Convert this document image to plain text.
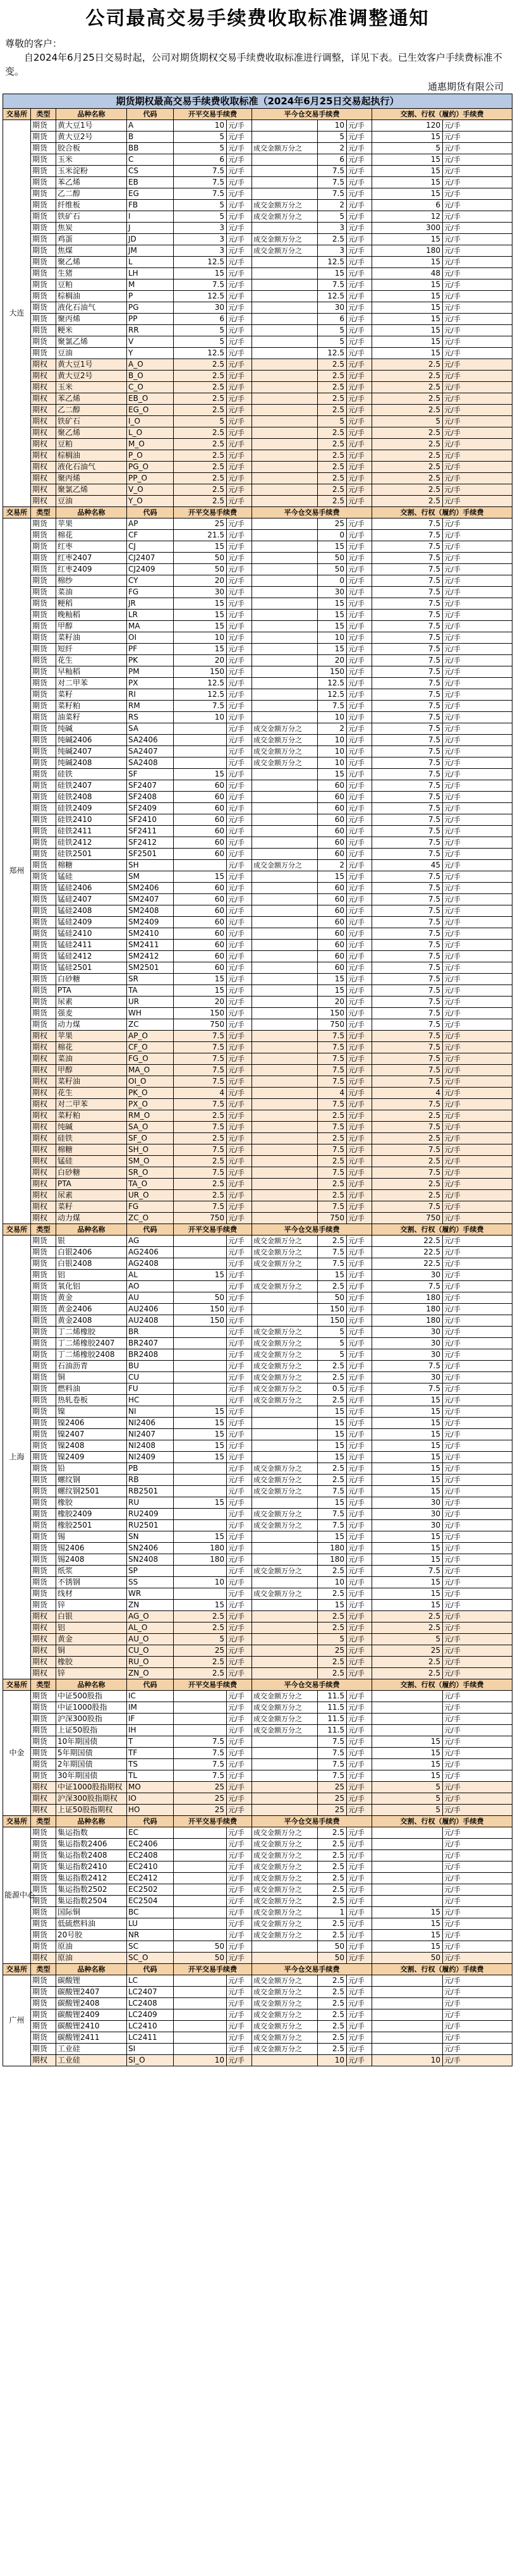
公司最高交易手续费收取标准调整通知

尊敬的客户：

自2024年6月25日交易时起，公司对期货期权交易手续费收取标准进行调整，详见下表。已生效客户手续费标准不变。

通惠期货有限公司
期货期权最高交易手续费收取标准（2024年6月25日交易起执行）										
交易所	类型	品种名称	代码	开平交易手续费		平今仓交易手续费			交割、行权（履约）手续费	
大连	期货	黄大豆1号	A	10	元/手		10	元/手	120	元/手
	期货	黄大豆2号	B	5	元/手		5	元/手	15	元/手
	期货	胶合板	BB	5	元/手	成交金额万分之	2	元/手	5	元/手
	期货	玉米	C	6	元/手		6	元/手	15	元/手
	期货	玉米淀粉	CS	7.5	元/手		7.5	元/手	15	元/手
	期货	苯乙烯	EB	7.5	元/手		7.5	元/手	15	元/手
	期货	乙二醇	EG	7.5	元/手		7.5	元/手	15	元/手
	期货	纤维板	FB	5	元/手	成交金额万分之	2	元/手	6	元/手
	期货	铁矿石	I	5	元/手	成交金额万分之	5	元/手	12	元/手
	期货	焦炭	J	3	元/手		3	元/手	300	元/手
	期货	鸡蛋	JD	3	元/手	成交金额万分之	2.5	元/手	15	元/手
	期货	焦煤	JM	3	元/手	成交金额万分之	3	元/手	180	元/手
	期货	聚乙烯	L	12.5	元/手		12.5	元/手	15	元/手
	期货	生猪	LH	15	元/手		15	元/手	48	元/手
	期货	豆粕	M	7.5	元/手		7.5	元/手	15	元/手
	期货	棕榈油	P	12.5	元/手		12.5	元/手	15	元/手
	期货	液化石油气	PG	30	元/手		30	元/手	15	元/手
	期货	聚丙烯	PP	6	元/手		6	元/手	15	元/手
	期货	粳米	RR	5	元/手		5	元/手	15	元/手
	期货	聚氯乙烯	V	5	元/手		5	元/手	15	元/手
	期货	豆油	Y	12.5	元/手		12.5	元/手	15	元/手
	期权	黄大豆1号	A_O	2.5	元/手		2.5	元/手	2.5	元/手
	期权	黄大豆2号	B_O	2.5	元/手		2.5	元/手	2.5	元/手
	期权	玉米	C_O	2.5	元/手		2.5	元/手	2.5	元/手
	期权	苯乙烯	EB_O	2.5	元/手		2.5	元/手	2.5	元/手
	期权	乙二醇	EG_O	2.5	元/手		2.5	元/手	2.5	元/手
	期权	铁矿石	I_O	5	元/手		5	元/手	5	元/手
	期权	聚乙烯	L_O	2.5	元/手		2.5	元/手	2.5	元/手
	期权	豆粕	M_O	2.5	元/手		2.5	元/手	2.5	元/手
	期权	棕榈油	P_O	2.5	元/手		2.5	元/手	2.5	元/手
	期权	液化石油气	PG_O	2.5	元/手		2.5	元/手	2.5	元/手
	期权	聚丙烯	PP_O	2.5	元/手		2.5	元/手	2.5	元/手
	期权	聚氯乙烯	V_O	2.5	元/手		2.5	元/手	2.5	元/手
	期权	豆油	Y_O	2.5	元/手		2.5	元/手	2.5	元/手
交易所	类型	品种名称	代码	开平交易手续费		平今仓交易手续费			交割、行权（履约）手续费	
郑州	期货	苹果	AP	25	元/手		25	元/手	7.5	元/手
	期货	棉花	CF	21.5	元/手		0	元/手	7.5	元/手
	期货	红枣	CJ	15	元/手		15	元/手	7.5	元/手
	期货	红枣2407	CJ2407	50	元/手		50	元/手	7.5	元/手
	期货	红枣2409	CJ2409	50	元/手		50	元/手	7.5	元/手
	期货	棉纱	CY	20	元/手		0	元/手	7.5	元/手
	期货	菜油	FG	30	元/手		30	元/手	7.5	元/手
	期货	粳稻	JR	15	元/手		15	元/手	7.5	元/手
	期货	晚籼稻	LR	15	元/手		15	元/手	7.5	元/手
	期货	甲醇	MA	15	元/手		15	元/手	7.5	元/手
	期货	菜籽油	OI	10	元/手		10	元/手	7.5	元/手
	期货	短纤	PF	15	元/手		15	元/手	7.5	元/手
	期货	花生	PK	20	元/手		20	元/手	7.5	元/手
	期货	早籼稻	PM	150	元/手		150	元/手	7.5	元/手
	期货	对二甲苯	PX	12.5	元/手		12.5	元/手	7.5	元/手
	期货	菜籽	RI	12.5	元/手		12.5	元/手	7.5	元/手
	期货	菜籽粕	RM	7.5	元/手		7.5	元/手	7.5	元/手
	期货	油菜籽	RS	10	元/手		10	元/手	7.5	元/手
	期货	纯碱	SA		元/手	成交金额万分之	2	元/手	7.5	元/手
	期货	纯碱2406	SA2406		元/手	成交金额万分之	10	元/手	7.5	元/手
	期货	纯碱2407	SA2407		元/手	成交金额万分之	10	元/手	7.5	元/手
	期货	纯碱2408	SA2408		元/手	成交金额万分之	10	元/手	7.5	元/手
	期货	硅铁	SF	15	元/手		15	元/手	7.5	元/手
	期货	硅铁2407	SF2407	60	元/手		60	元/手	7.5	元/手
	期货	硅铁2408	SF2408	60	元/手		60	元/手	7.5	元/手
	期货	硅铁2409	SF2409	60	元/手		60	元/手	7.5	元/手
	期货	硅铁2410	SF2410	60	元/手		60	元/手	7.5	元/手
	期货	硅铁2411	SF2411	60	元/手		60	元/手	7.5	元/手
	期货	硅铁2412	SF2412	60	元/手		60	元/手	7.5	元/手
	期货	硅铁2501	SF2501	60	元/手		60	元/手	7.5	元/手
	期货	棉糖	SH		元/手	成交金额万分之	2	元/手	45	元/手
	期货	锰硅	SM	15	元/手		15	元/手	7.5	元/手
	期货	锰硅2406	SM2406	60	元/手		60	元/手	7.5	元/手
	期货	锰硅2407	SM2407	60	元/手		60	元/手	7.5	元/手
	期货	锰硅2408	SM2408	60	元/手		60	元/手	7.5	元/手
	期货	锰硅2409	SM2409	60	元/手		60	元/手	7.5	元/手
	期货	锰硅2410	SM2410	60	元/手		60	元/手	7.5	元/手
	期货	锰硅2411	SM2411	60	元/手		60	元/手	7.5	元/手
	期货	锰硅2412	SM2412	60	元/手		60	元/手	7.5	元/手
	期货	锰硅2501	SM2501	60	元/手		60	元/手	7.5	元/手
	期货	白砂糖	SR	15	元/手		15	元/手	7.5	元/手
	期货	PTA	TA	15	元/手		15	元/手	7.5	元/手
	期货	尿素	UR	20	元/手		20	元/手	7.5	元/手
	期货	强麦	WH	150	元/手		150	元/手	7.5	元/手
	期货	动力煤	ZC	750	元/手		750	元/手	7.5	元/手
	期权	苹果	AP_O	7.5	元/手		7.5	元/手	7.5	元/手
	期权	棉花	CF_O	7.5	元/手		7.5	元/手	7.5	元/手
	期权	菜油	FG_O	7.5	元/手		7.5	元/手	7.5	元/手
	期权	甲醇	MA_O	7.5	元/手		7.5	元/手	7.5	元/手
	期权	菜籽油	OI_O	7.5	元/手		7.5	元/手	7.5	元/手
	期权	花生	PK_O	4	元/手		4	元/手	4	元/手
	期权	对二甲苯	PX_O	7.5	元/手		7.5	元/手	7.5	元/手
	期权	菜籽粕	RM_O	2.5	元/手		2.5	元/手	2.5	元/手
	期权	纯碱	SA_O	7.5	元/手		7.5	元/手	7.5	元/手
	期权	硅铁	SF_O	2.5	元/手		2.5	元/手	2.5	元/手
	期权	棉糖	SH_O	7.5	元/手		7.5	元/手	7.5	元/手
	期权	锰硅	SM_O	2.5	元/手		2.5	元/手	2.5	元/手
	期权	白砂糖	SR_O	7.5	元/手		7.5	元/手	7.5	元/手
	期权	PTA	TA_O	2.5	元/手		2.5	元/手	2.5	元/手
	期权	尿素	UR_O	2.5	元/手		2.5	元/手	2.5	元/手
	期权	菜籽	FG	7.5	元/手		7.5	元/手	7.5	元/手
	期权	动力煤	ZC_O	750	元/手		750	元/手	750	元/手
交易所	类型	品种名称	代码	开平交易手续费		平今仓交易手续费			交割、行权（履约）手续费	
上海	期货	银	AG		元/手	成交金额万分之	2.5	元/手	22.5	元/手
	期货	白银2406	AG2406		元/手	成交金额万分之	7.5	元/手	22.5	元/手
	期货	白银2408	AG2408		元/手	成交金额万分之	7.5	元/手	22.5	元/手
	期货	铝	AL	15	元/手		15	元/手	30	元/手
	期货	氧化铝	AO		元/手	成交金额万分之	2.5	元/手	7.5	元/手
	期货	黄金	AU	50	元/手		50	元/手	180	元/手
	期货	黄金2406	AU2406	150	元/手		150	元/手	180	元/手
	期货	黄金2408	AU2408	150	元/手		150	元/手	180	元/手
	期货	丁二烯橡胶	BR		元/手	成交金额万分之	5	元/手	30	元/手
	期货	丁二烯橡胶2407	BR2407		元/手	成交金额万分之	5	元/手	30	元/手
	期货	丁二烯橡胶2408	BR2408		元/手	成交金额万分之	5	元/手	30	元/手
	期货	石油沥青	BU		元/手	成交金额万分之	2.5	元/手	7.5	元/手
	期货	铜	CU		元/手	成交金额万分之	2.5	元/手	30	元/手
	期货	燃料油	FU		元/手	成交金额万分之	0.5	元/手	7.5	元/手
	期货	热轧卷板	HC		元/手	成交金额万分之	2.5	元/手	15	元/手
	期货	镍	NI	15	元/手		15	元/手	15	元/手
	期货	镍2406	NI2406	15	元/手		15	元/手	15	元/手
	期货	镍2407	NI2407	15	元/手		15	元/手	15	元/手
	期货	镍2408	NI2408	15	元/手		15	元/手	15	元/手
	期货	镍2409	NI2409	15	元/手		15	元/手	15	元/手
	期货	铅	PB		元/手	成交金额万分之	2.5	元/手	15	元/手
	期货	螺纹钢	RB		元/手	成交金额万分之	2.5	元/手	15	元/手
	期货	螺纹钢2501	RB2501		元/手	成交金额万分之	7.5	元/手	15	元/手
	期货	橡胶	RU	15	元/手		15	元/手	30	元/手
	期货	橡胶2409	RU2409		元/手	成交金额万分之	7.5	元/手	30	元/手
	期货	橡胶2501	RU2501		元/手	成交金额万分之	7.5	元/手	30	元/手
	期货	锡	SN	15	元/手		15	元/手	15	元/手
	期货	锡2406	SN2406	180	元/手		180	元/手	15	元/手
	期货	锡2408	SN2408	180	元/手		180	元/手	15	元/手
	期货	纸浆	SP		元/手	成交金额万分之	2.5	元/手	7.5	元/手
	期货	不锈钢	SS	10	元/手		10	元/手	15	元/手
	期货	线材	WR		元/手	成交金额万分之	2.5	元/手	15	元/手
	期货	锌	ZN	15	元/手		15	元/手	15	元/手
	期权	白银	AG_O	2.5	元/手		2.5	元/手	2.5	元/手
	期权	铝	AL_O	2.5	元/手		2.5	元/手	2.5	元/手
	期权	黄金	AU_O	5	元/手		5	元/手	5	元/手
	期权	铜	CU_O	25	元/手		25	元/手	25	元/手
	期权	橡胶	RU_O	2.5	元/手		2.5	元/手	2.5	元/手
	期权	锌	ZN_O	2.5	元/手		2.5	元/手	2.5	元/手
交易所	类型	品种名称	代码	开平交易手续费		平今仓交易手续费			交割、行权（履约）手续费	
中金	期货	中证500股指	IC		元/手	成交金额万分之	11.5	元/手		元/手
	期货	中证1000股指	IM		元/手	成交金额万分之	11.5	元/手		元/手
	期货	沪深300股指	IF		元/手	成交金额万分之	11.5	元/手		元/手
	期货	上证50股指	IH		元/手	成交金额万分之	11.5	元/手		元/手
	期货	10年期国债	T	7.5	元/手		7.5	元/手	15	元/手
	期货	5年期国债	TF	7.5	元/手		7.5	元/手	15	元/手
	期货	2年期国债	TS	7.5	元/手		7.5	元/手	15	元/手
	期货	30年期国债	TL	7.5	元/手		7.5	元/手	15	元/手
	期权	中证1000股指期权	MO	25	元/手		25	元/手	5	元/手
	期权	沪深300股指期权	IO	25	元/手		25	元/手	5	元/手
	期权	上证50股指期权	HO	25	元/手		25	元/手	5	元/手
交易所	类型	品种名称	代码	开平交易手续费		平今仓交易手续费			交割、行权（履约）手续费	
能源中心	期货	集运指数	EC		元/手	成交金额万分之	2.5	元/手		元/手
	期货	集运指数2406	EC2406		元/手	成交金额万分之	2.5	元/手		元/手
	期货	集运指数2408	EC2408		元/手	成交金额万分之	2.5	元/手		元/手
	期货	集运指数2410	EC2410		元/手	成交金额万分之	2.5	元/手		元/手
	期货	集运指数2412	EC2412		元/手	成交金额万分之	2.5	元/手		元/手
	期货	集运指数2502	EC2502		元/手	成交金额万分之	2.5	元/手		元/手
	期货	集运指数2504	EC2504		元/手	成交金额万分之	2.5	元/手		元/手
	期货	国际铜	BC		元/手	成交金额万分之	1	元/手	15	元/手
	期货	低硫燃料油	LU		元/手	成交金额万分之	2.5	元/手	15	元/手
	期货	20号胶	NR		元/手	成交金额万分之	2.5	元/手	15	元/手
	期货	原油	SC	50	元/手		50	元/手	15	元/手
	期权	原油	SC_O	50	元/手		50	元/手	50	元/手
交易所	类型	品种名称	代码	开平交易手续费		平今仓交易手续费			交割、行权（履约）手续费	
广州	期货	碳酸锂	LC		元/手	成交金额万分之	2.5	元/手		元/手
	期货	碳酸锂2407	LC2407		元/手	成交金额万分之	2.5	元/手		元/手
	期货	碳酸锂2408	LC2408		元/手	成交金额万分之	2.5	元/手		元/手
	期货	碳酸锂2409	LC2409		元/手	成交金额万分之	2.5	元/手		元/手
	期货	碳酸锂2410	LC2410		元/手	成交金额万分之	2.5	元/手		元/手
	期货	碳酸锂2411	LC2411		元/手	成交金额万分之	2.5	元/手		元/手
	期货	工业硅	SI		元/手	成交金额万分之	2.5	元/手		元/手
	期权	工业硅	SI_O	10	元/手		10	元/手	10	元/手
